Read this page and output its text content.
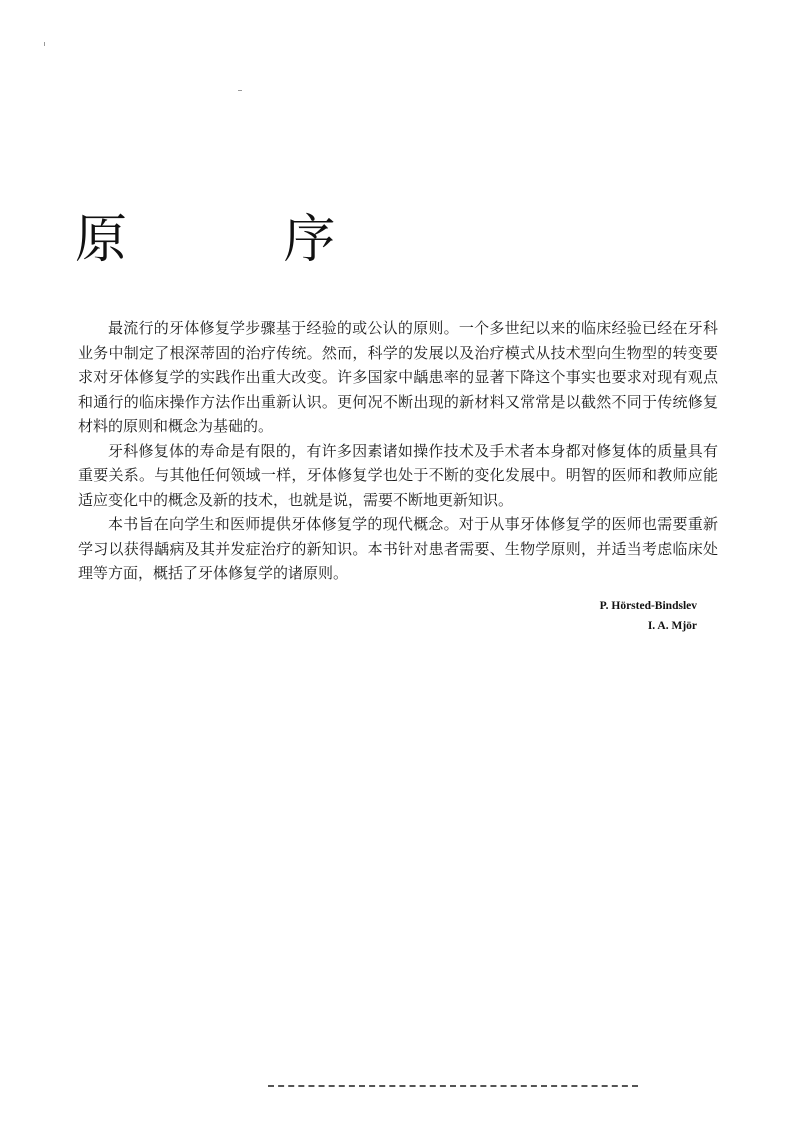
原 序

最流行的牙体修复学步骤基于经验的或公认的原则。一个多世纪以来的临床经验已经在牙科业务中制定了根深蒂固的治疗传统。然而，科学的发展以及治疗模式从技术型向生物型的转变要求对牙体修复学的实践作出重大改变。许多国家中龋患率的显著下降这个事实也要求对现有观点和通行的临床操作方法作出重新认识。更何况不断出现的新材料又常常是以截然不同于传统修复材料的原则和概念为基础的。

牙科修复体的寿命是有限的，有许多因素诸如操作技术及手术者本身都对修复体的质量具有重要关系。与其他任何领域一样，牙体修复学也处于不断的变化发展中。明智的医师和教师应能适应变化中的概念及新的技术，也就是说，需要不断地更新知识。

本书旨在向学生和医师提供牙体修复学的现代概念。对于从事牙体修复学的医师也需要重新学习以获得龋病及其并发症治疗的新知识。本书针对患者需要、生物学原则，并适当考虑临床处理等方面，概括了牙体修复学的诸原则。

P. Hörsted-Bindslev
I. A. Mjör
